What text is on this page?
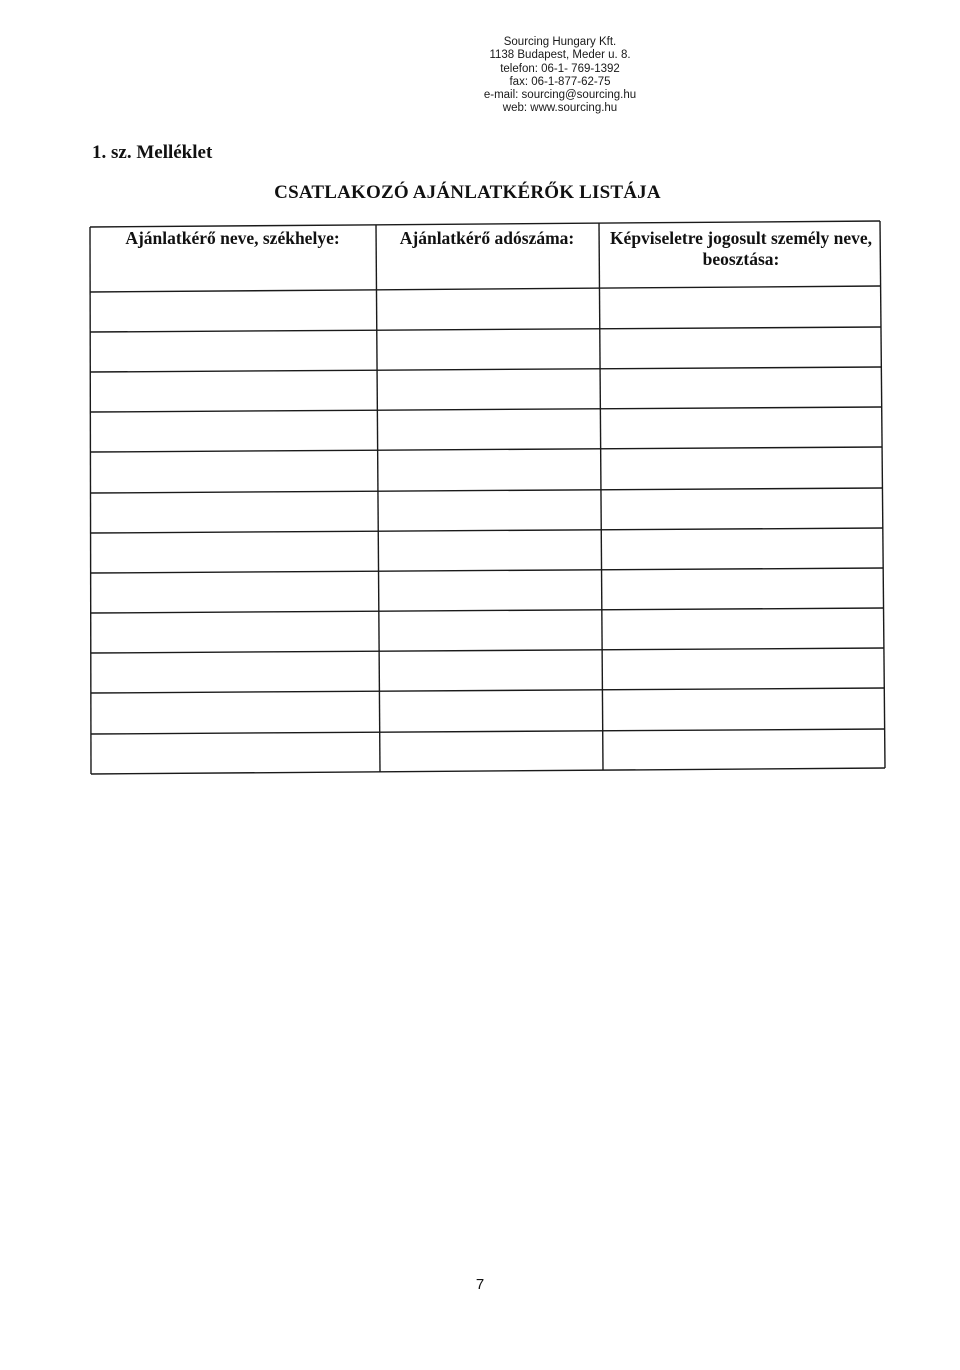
Sourcing Hungary Kft.
1138 Budapest, Meder u. 8.
telefon: 06-1- 769-1392
fax: 06-1-877-62-75
e-mail: sourcing@sourcing.hu
web: www.sourcing.hu
1. sz. Melléklet
CSATLAKOZÓ AJÁNLATKÉRŐK LISTÁJA
Ajánlatkérő neve, székhelye:	Ajánlatkérő adószáma:	Képviseletre jogosult személy neve, beosztása:
7
